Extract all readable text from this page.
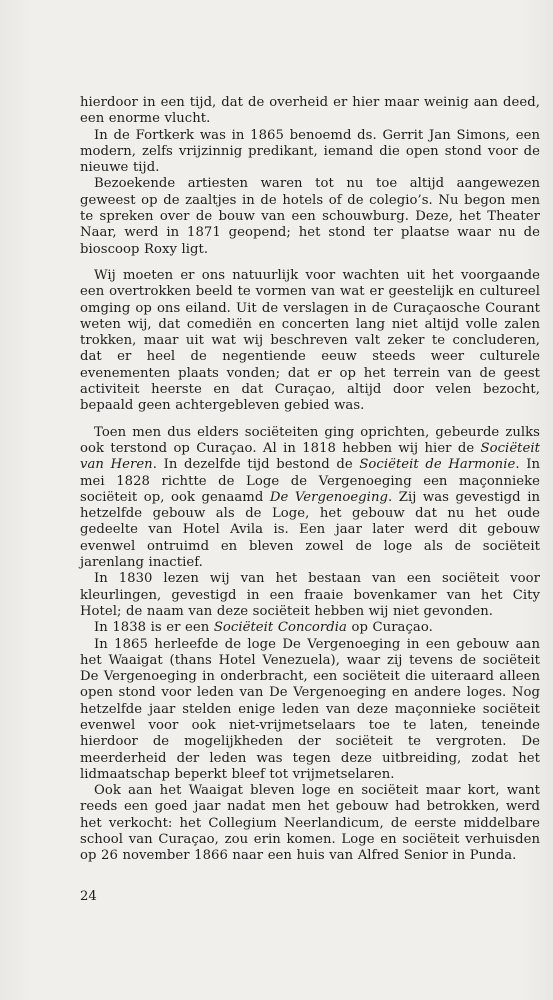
hierdoor in een tijd, dat de overheid er hier maar weinig aan deed, een enorme vlucht.

In de Fortkerk was in 1865 benoemd ds. Gerrit Jan Simons, een modern, zelfs vrijzinnig predikant, iemand die open stond voor de nieuwe tijd.

Bezoekende artiesten waren tot nu toe altijd aangewezen geweest op de zaaltjes in de hotels of de colegio’s. Nu begon men te spreken over de bouw van een schouwburg. Deze, het Theater Naar, werd in 1871 geopend; het stond ter plaatse waar nu de bioscoop Roxy ligt.

Wij moeten er ons natuurlijk voor wachten uit het voorgaande een overtrokken beeld te vormen van wat er geestelijk en cultureel omging op ons eiland. Uit de verslagen in de Curaçaosche Courant weten wij, dat comediën en concerten lang niet altijd volle zalen trokken, maar uit wat wij beschreven valt zeker te concluderen, dat er heel de negentiende eeuw steeds weer culturele evenementen plaats vonden; dat er op het terrein van de geest activiteit heerste en dat Curaçao, altijd door velen bezocht, bepaald geen achtergebleven gebied was.

Toen men dus elders sociëteiten ging oprichten, gebeurde zulks ook terstond op Curaçao. Al in 1818 hebben wij hier de Sociëteit van Heren. In dezelfde tijd bestond de Sociëteit de Harmonie. In mei 1828 richtte de Loge de Vergenoeging een maçonnieke sociëteit op, ook genaamd De Vergenoeging. Zij was gevestigd in hetzelfde gebouw als de Loge, het gebouw dat nu het oude gedeelte van Hotel Avila is. Een jaar later werd dit gebouw evenwel ontruimd en bleven zowel de loge als de sociëteit jarenlang inactief.

In 1830 lezen wij van het bestaan van een sociëteit voor kleurlingen, gevestigd in een fraaie bovenkamer van het City Hotel; de naam van deze sociëteit hebben wij niet gevonden.

In 1838 is er een Sociëteit Concordia op Curaçao.

In 1865 herleefde de loge De Vergenoeging in een gebouw aan het Waaigat (thans Hotel Venezuela), waar zij tevens de sociëteit De Vergenoeging in onderbracht, een sociëteit die uiteraard alleen open stond voor leden van De Vergenoeging en andere loges. Nog hetzelfde jaar stelden enige leden van deze maçonnieke sociëteit evenwel voor ook niet-vrijmetselaars toe te laten, teneinde hierdoor de mogelijkheden der sociëteit te vergroten. De meerderheid der leden was tegen deze uitbreiding, zodat het lidmaatschap beperkt bleef tot vrijmetselaren.

Ook aan het Waaigat bleven loge en sociëteit maar kort, want reeds een goed jaar nadat men het gebouw had betrokken, werd het verkocht: het Collegium Neerlandicum, de eerste middelbare school van Curaçao, zou erin komen. Loge en sociëteit verhuisden op 26 november 1866 naar een huis van Alfred Senior in Punda.

24
